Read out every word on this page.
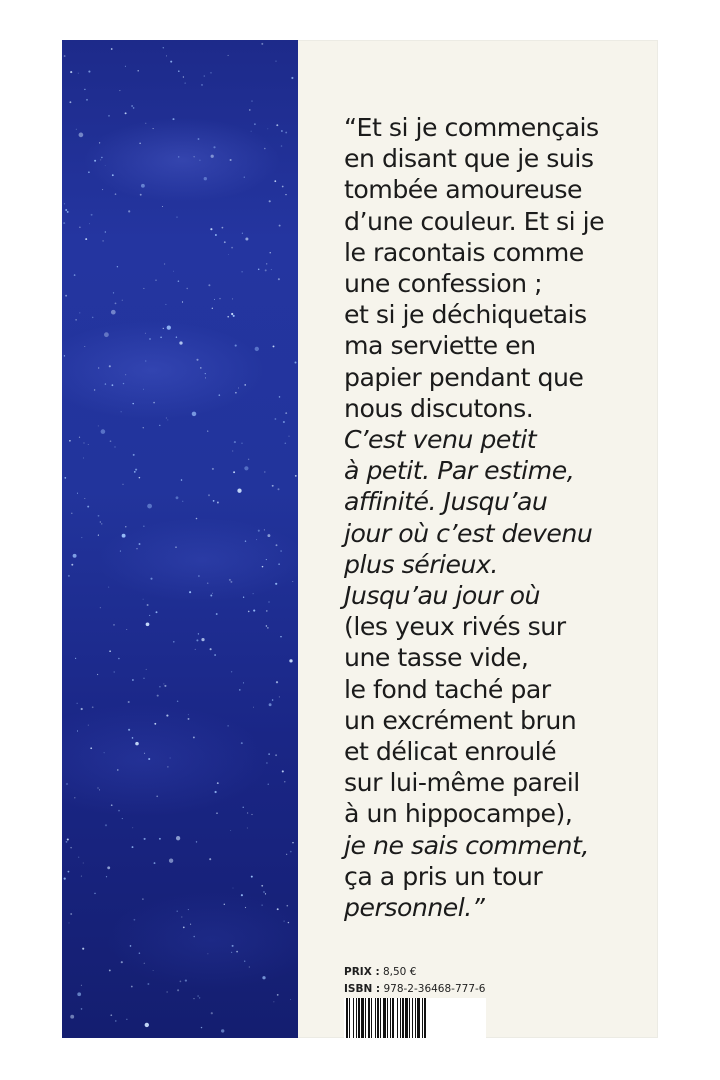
“Et si je commençais
en disant que je suis
tombée amoureuse
d’une couleur. Et si je
le racontais comme
une confession ;
et si je déchiquetais
ma serviette en
papier pendant que
nous discutons.
C’est venu petit
à petit. Par estime,
affinité. Jusqu’au
jour où c’est devenu
plus sérieux.
Jusqu’au jour où
(les yeux rivés sur
une tasse vide,
le fond taché par
un excrément brun
et délicat enroulé
sur lui-même pareil
à un hippocampe),
je ne sais comment,
ça a pris un tour
personnel.”
PRIX : 8,50 €
ISBN : 978-2-36468-777-6
